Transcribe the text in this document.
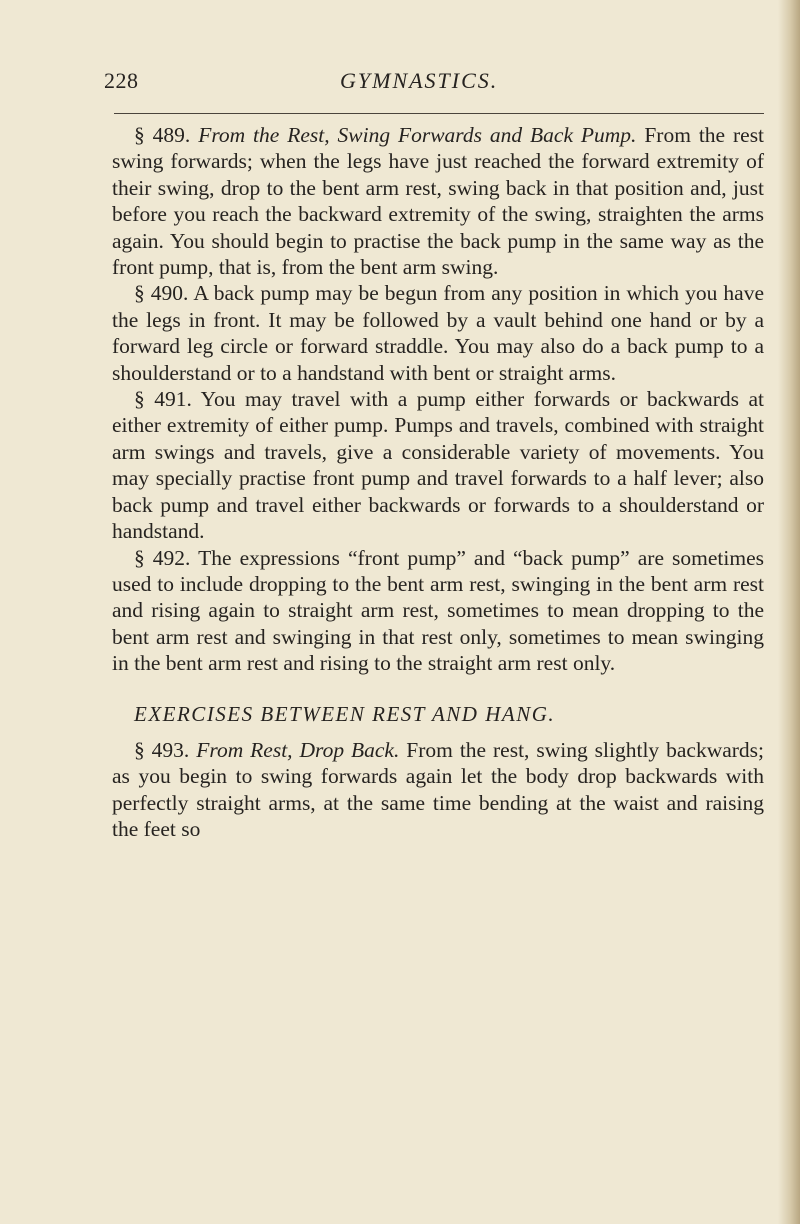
228	GYMNASTICS.

§ 489. From the Rest, Swing Forwards and Back Pump. From the rest swing forwards; when the legs have just reached the forward extremity of their swing, drop to the bent arm rest, swing back in that position and, just before you reach the backward extremity of the swing, straighten the arms again. You should begin to practise the back pump in the same way as the front pump, that is, from the bent arm swing.

§ 490. A back pump may be begun from any position in which you have the legs in front. It may be followed by a vault behind one hand or by a forward leg circle or forward straddle. You may also do a back pump to a shoulderstand or to a handstand with bent or straight arms.

§ 491. You may travel with a pump either forwards or backwards at either extremity of either pump. Pumps and travels, combined with straight arm swings and travels, give a considerable variety of movements. You may specially practise front pump and travel forwards to a half lever; also back pump and travel either backwards or forwards to a shoulderstand or handstand.

§ 492. The expressions “front pump” and “back pump” are sometimes used to include dropping to the bent arm rest, swinging in the bent arm rest and rising again to straight arm rest, sometimes to mean dropping to the bent arm rest and swinging in that rest only, sometimes to mean swinging in the bent arm rest and rising to the straight arm rest only.

EXERCISES BETWEEN REST AND HANG.

§ 493. From Rest, Drop Back. From the rest, swing slightly backwards; as you begin to swing forwards again let the body drop backwards with perfectly straight arms, at the same time bending at the waist and raising the feet so
